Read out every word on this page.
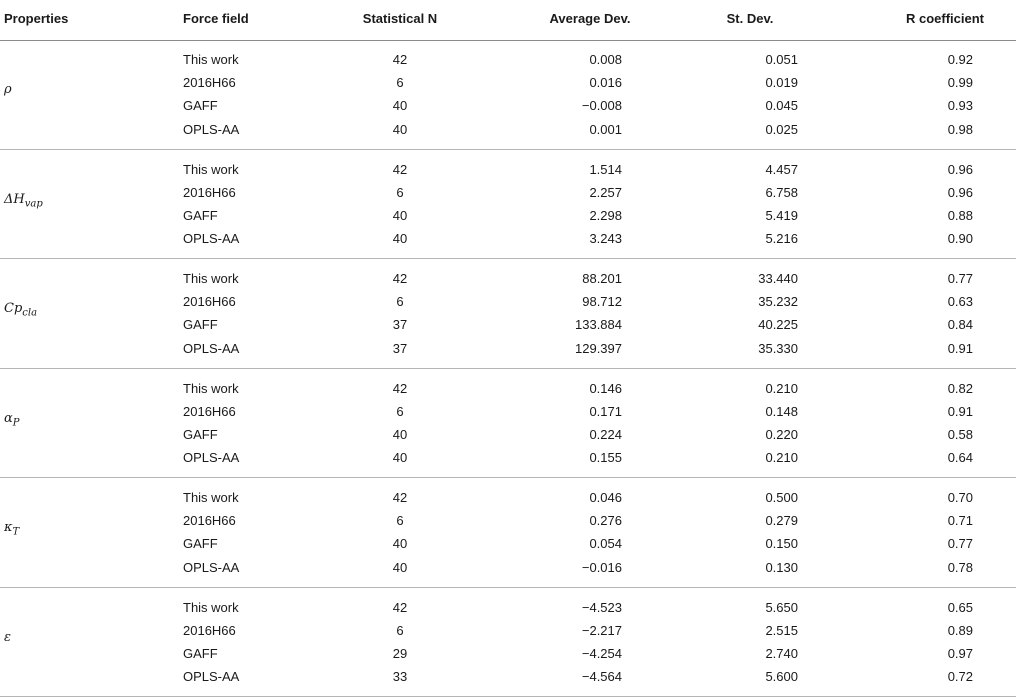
Properties	Force field	Statistical N	Average Dev.	St. Dev.	R coefficient
ρ
This work	42	0.008	0.051	0.92
2016H66	6	0.016	0.019	0.99
GAFF	40	−0.008	0.045	0.93
OPLS-AA	40	0.001	0.025	0.98
$\Delta H_{vap}$
This work	42	1.514	4.457	0.96
2016H66	6	2.257	6.758	0.96
GAFF	40	2.298	5.419	0.88
OPLS-AA	40	3.243	5.216	0.90
$Cp_{cla}$
This work	42	88.201	33.440	0.77
2016H66	6	98.712	35.232	0.63
GAFF	37	133.884	40.225	0.84
OPLS-AA	37	129.397	35.330	0.91
$\alpha_P$
This work	42	0.146	0.210	0.82
2016H66	6	0.171	0.148	0.91
GAFF	40	0.224	0.220	0.58
OPLS-AA	40	0.155	0.210	0.64
$\kappa_T$
This work	42	0.046	0.500	0.70
2016H66	6	0.276	0.279	0.71
GAFF	40	0.054	0.150	0.77
OPLS-AA	40	−0.016	0.130	0.78
ε
This work	42	−4.523	5.650	0.65
2016H66	6	−2.217	2.515	0.89
GAFF	29	−4.254	2.740	0.97
OPLS-AA	33	−4.564	5.600	0.72
